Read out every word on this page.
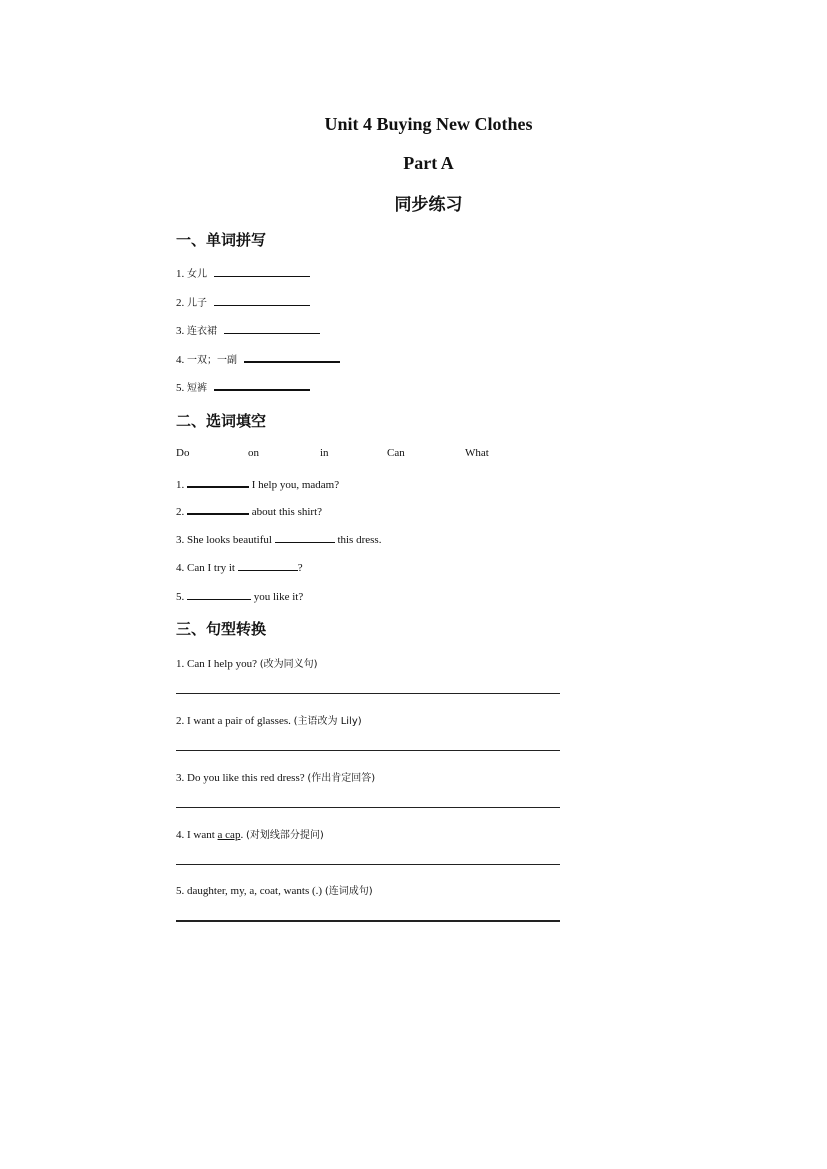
Unit 4 Buying New Clothes
Part A
同步练习
一、单词拼写
1. 女儿
2. 儿子
3. 连衣裙
4. 一双；一副
5. 短裤
二、选词填空
Do	on	in	Can	What
1.	I help you, madam?
2.	about this shirt?
3. She looks beautiful	this dress.
4. Can I try it	?
5.	you like it?
三、句型转换
1. Can I help you? (改为同义句)
2. I want a pair of glasses. (主语改为 Lily)
3. Do you like this red dress? (作出肯定回答)
4. I want a cap. (对划线部分提问)
5. daughter, my, a, coat, wants (.) (连词成句)
